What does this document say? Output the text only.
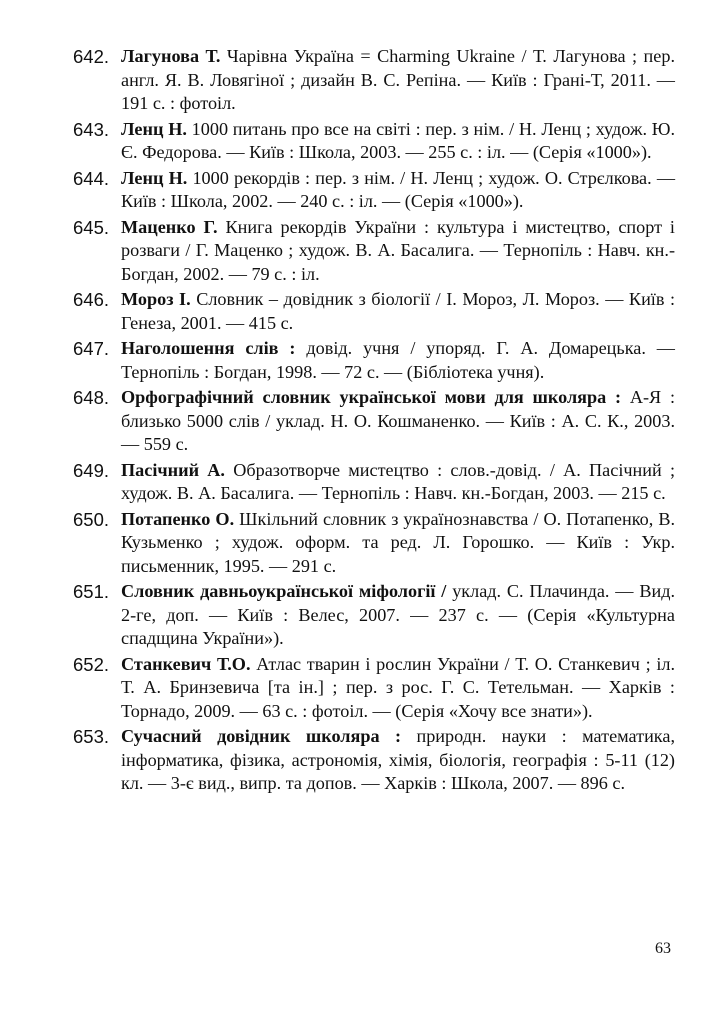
642. Лагунова Т. Чарівна Україна = Charming Ukraine / Т. Лагунова ; пер. англ. Я. В. Ловягіної ; дизайн В. С. Репіна. — Київ : Грані-Т, 2011. — 191 с. : фотоіл.
643. Ленц Н. 1000 питань про все на світі : пер. з нім. / Н. Ленц ; худож. Ю. Є. Федорова. — Київ : Школа, 2003. — 255 с. : іл. — (Серія «1000»).
644. Ленц Н. 1000 рекордів : пер. з нім. / Н. Ленц ; худож. О. Стрєлкова. — Київ : Школа, 2002. — 240 с. : іл. — (Серія «1000»).
645. Маценко Г. Книга рекордів України : культура і мистецтво, спорт і розваги / Г. Маценко ; худож. В. А. Басалига. — Тернопіль : Навч. кн.-Богдан, 2002. — 79 с. : іл.
646. Мороз І. Словник – довідник з біології / І. Мороз, Л. Мороз. — Київ : Генеза, 2001. — 415 с.
647. Наголошення слів : довід. учня / упоряд. Г. А. Домарецька. — Тернопіль : Богдан, 1998. — 72 с. — (Бібліотека учня).
648. Орфографічний словник української мови для школяра : А-Я : близько 5000 слів / уклад. Н. О. Кошманенко. — Київ : А. С. К., 2003. — 559 с.
649. Пасічний А. Образотворче мистецтво : слов.-довід. / А. Пасічний ; худож. В. А. Басалига. — Тернопіль : Навч. кн.-Богдан, 2003. — 215 с.
650. Потапенко О. Шкільний словник з українознавства / О. Потапенко, В. Кузьменко ; худож. оформ. та ред. Л. Горошко. — Київ : Укр. письменник, 1995. — 291 с.
651. Словник давньоукраїнської міфології / уклад. С. Плачинда. — Вид. 2-ге, доп. — Київ : Велес, 2007. — 237 с. — (Серія «Культурна спадщина України»).
652. Станкевич Т.О. Атлас тварин і рослин України / Т. О. Станкевич ; іл. Т. А. Бринзевича [та ін.] ; пер. з рос. Г. С. Тетельман. — Харків : Торнадо, 2009. — 63 с. : фотоіл. — (Серія «Хочу все знати»).
653. Сучасний довідник школяра : природн. науки : математика, інформатика, фізика, астрономія, хімія, біологія, географія : 5-11 (12) кл. — 3-є вид., випр. та допов. — Харків : Школа, 2007. — 896 с.
63
